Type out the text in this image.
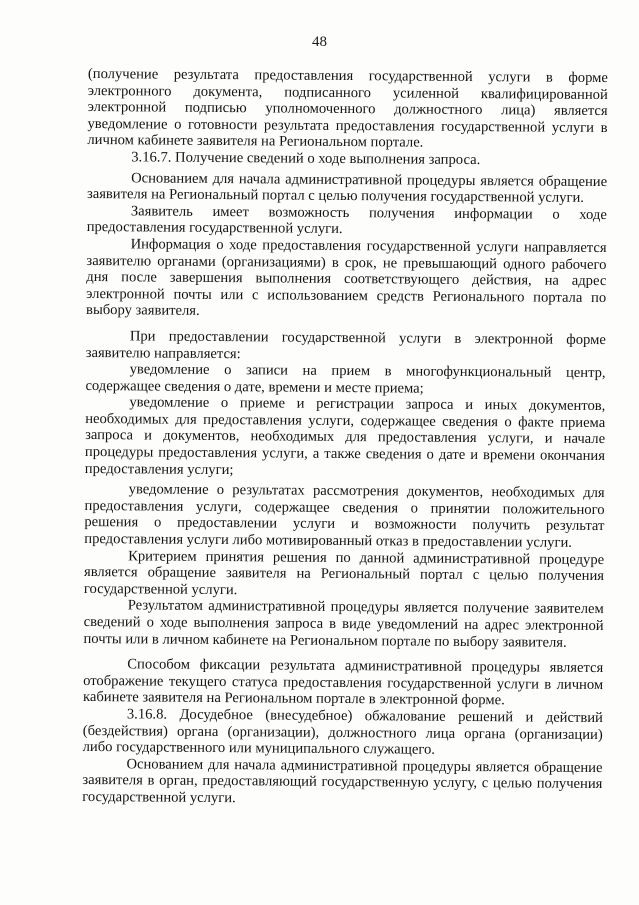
48

(получение результата предоставления государственной услуги в форме электронного документа, подписанного усиленной квалифицированной электронной подписью уполномоченного должностного лица) является уведомление о готовности результата предоставления государственной услуги в личном кабинете заявителя на Региональном портале.

3.16.7. Получение сведений о ходе выполнения запроса.

Основанием для начала административной процедуры является обращение заявителя на Региональный портал с целью получения государственной услуги.

Заявитель имеет возможность получения информации о ходе предоставления государственной услуги.

Информация о ходе предоставления государственной услуги направляется заявителю органами (организациями) в срок, не превышающий одного рабочего дня после завершения выполнения соответствующего действия, на адрес электронной почты или с использованием средств Регионального портала по выбору заявителя.

При предоставлении государственной услуги в электронной форме заявителю направляется:

уведомление о записи на прием в многофункциональный центр, содержащее сведения о дате, времени и месте приема;

уведомление о приеме и регистрации запроса и иных документов, необходимых для предоставления услуги, содержащее сведения о факте приема запроса и документов, необходимых для предоставления услуги, и начале процедуры предоставления услуги, а также сведения о дате и времени окончания предоставления услуги;

уведомление о результатах рассмотрения документов, необходимых для предоставления услуги, содержащее сведения о принятии положительного решения о предоставлении услуги и возможности получить результат предоставления услуги либо мотивированный отказ в предоставлении услуги.

Критерием принятия решения по данной административной процедуре является обращение заявителя на Региональный портал с целью получения государственной услуги.

Результатом административной процедуры является получение заявителем сведений о ходе выполнения запроса в виде уведомлений на адрес электронной почты или в личном кабинете на Региональном портале по выбору заявителя.

Способом фиксации результата административной процедуры является отображение текущего статуса предоставления государственной услуги в личном кабинете заявителя на Региональном портале в электронной форме.

3.16.8. Досудебное (внесудебное) обжалование решений и действий (бездействия) органа (организации), должностного лица органа (организации) либо государственного или муниципального служащего.

Основанием для начала административной процедуры является обращение заявителя в орган, предоставляющий государственную услугу, с целью получения государственной услуги.
